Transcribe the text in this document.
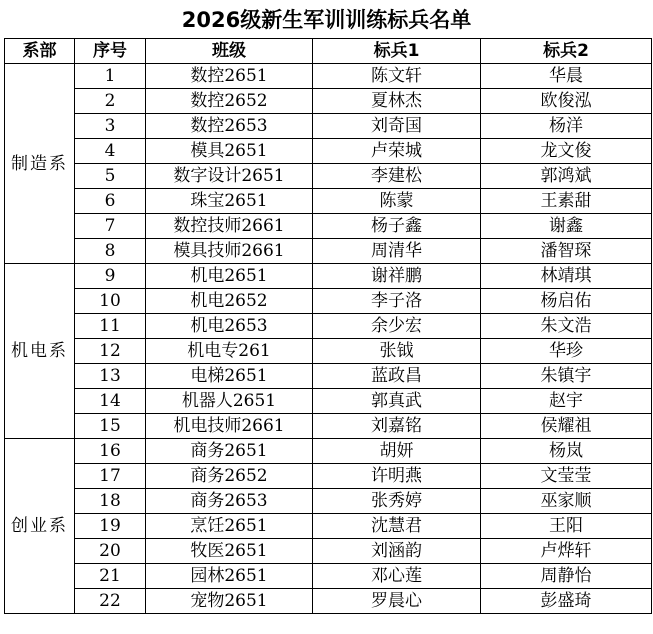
2026级新生军训训练标兵名单
系部	序号	班级	标兵1	标兵2
制造系	1	数控2651	陈文轩	华晨
	2	数控2652	夏林杰	欧俊泓
	3	数控2653	刘奇国	杨洋
	4	模具2651	卢荣城	龙文俊
	5	数字设计2651	李建松	郭鸿斌
	6	珠宝2651	陈蒙	王素甜
	7	数控技师2661	杨子鑫	谢鑫
	8	模具技师2661	周清华	潘智琛
机电系	9	机电2651	谢祥鹏	林靖琪
	10	机电2652	李子洛	杨启佑
	11	机电2653	余少宏	朱文浩
	12	机电专261	张钺	华珍
	13	电梯2651	蓝政昌	朱镇宇
	14	机器人2651	郭真武	赵宇
	15	机电技师2661	刘嘉铭	侯耀祖
创业系	16	商务2651	胡妍	杨岚
	17	商务2652	许明燕	文莹莹
	18	商务2653	张秀婷	巫家顺
	19	烹饪2651	沈慧君	王阳
	20	牧医2651	刘涵韵	卢烨轩
	21	园林2651	邓心莲	周静怡
	22	宠物2651	罗晨心	彭盛琦
